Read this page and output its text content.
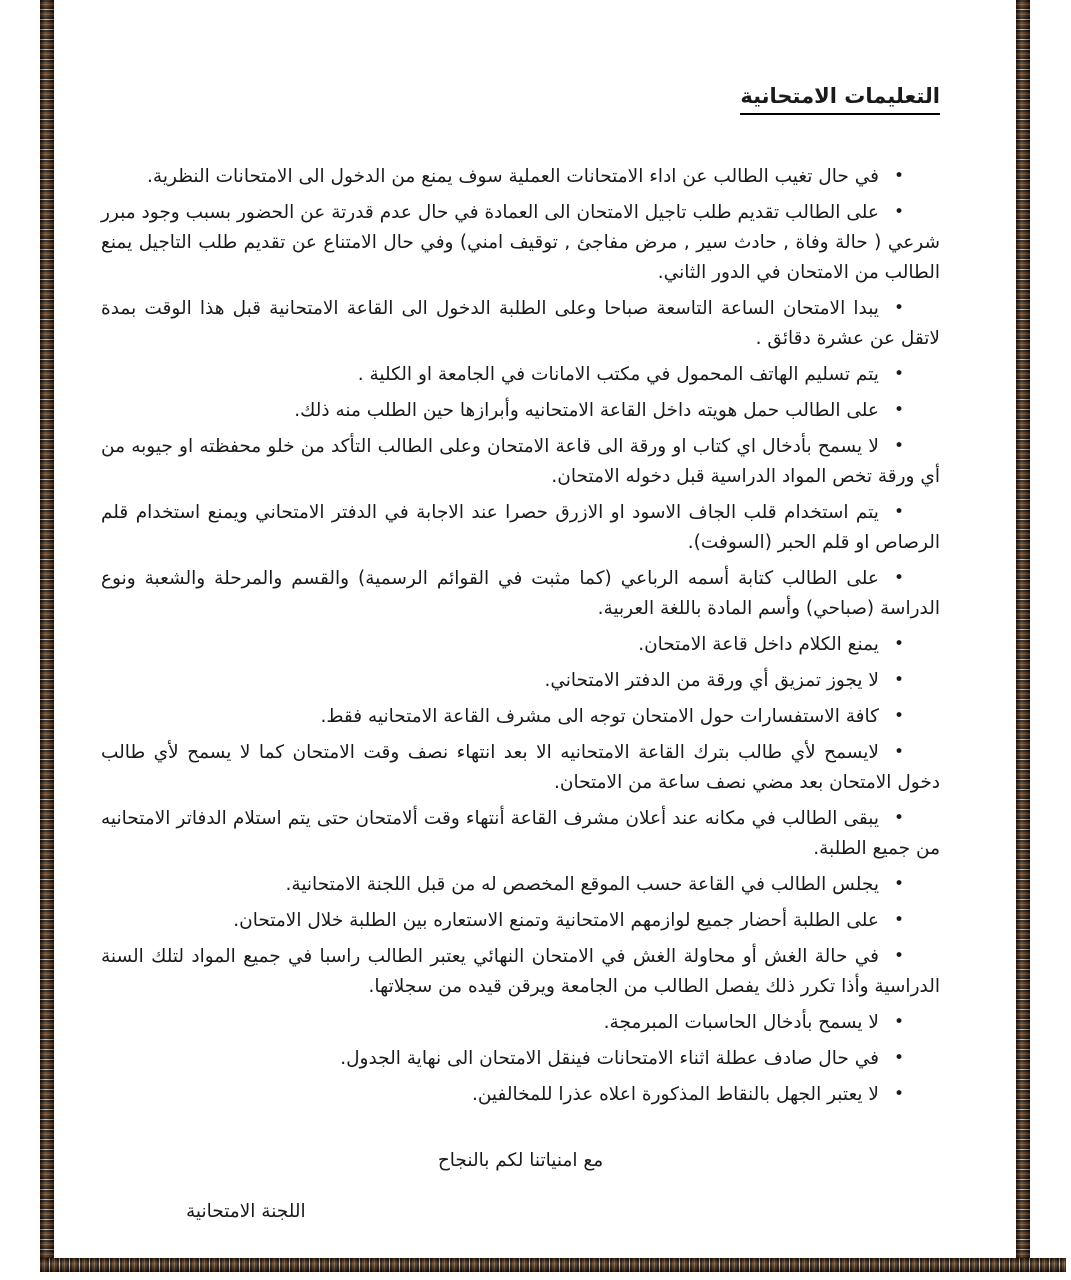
التعليمات الامتحانية
•في حال تغيب الطالب عن اداء الامتحانات العملية سوف يمنع من الدخول الى الامتحانات النظرية.
•على الطالب تقديم طلب تاجيل الامتحان الى العمادة في حال عدم قدرتة عن الحضور بسبب وجود مبرر شرعي ( حالة وفاة , حادث سير , مرض مفاجئ , توقيف امني) وفي حال الامتناع عن تقديم طلب التاجيل يمنع الطالب من الامتحان في الدور الثاني.
•يبدا الامتحان الساعة التاسعة صباحا وعلى الطلبة الدخول الى القاعة الامتحانية قبل هذا الوقت بمدة لاتقل عن عشرة دقائق .
•يتم تسليم الهاتف المحمول في مكتب الامانات في الجامعة او الكلية .
•على الطالب حمل هويته داخل القاعة الامتحانيه وأبرازها حين الطلب منه ذلك.
•لا يسمح بأدخال اي كتاب او ورقة الى قاعة الامتحان وعلى الطالب التأكد من خلو محفظته او جيوبه من أي ورقة تخص المواد الدراسية قبل دخوله الامتحان.
•يتم استخدام قلب الجاف الاسود او الازرق حصرا عند الاجابة في الدفتر الامتحاني ويمنع استخدام قلم الرصاص او قلم الحبر (السوفت).
•على الطالب كتابة أسمه الرباعي (كما مثبت في القوائم الرسمية) والقسم والمرحلة والشعبة ونوع الدراسة (صباحي) وأسم المادة باللغة العربية.
•يمنع الكلام داخل قاعة الامتحان.
•لا يجوز تمزيق أي ورقة من الدفتر الامتحاني.
•كافة الاستفسارات حول الامتحان توجه الى مشرف القاعة الامتحانيه فقط.
•لايسمح لأي طالب بترك القاعة الامتحانيه الا بعد انتهاء نصف وقت الامتحان كما لا يسمح لأي طالب دخول الامتحان بعد مضي نصف ساعة من الامتحان.
•يبقى الطالب في مكانه عند أعلان مشرف القاعة أنتهاء وقت ألامتحان حتى يتم استلام الدفاتر الامتحانيه من جميع الطلبة.
•يجلس الطالب في القاعة حسب الموقع المخصص له من قبل اللجنة الامتحانية.
•على الطلبة أحضار جميع لوازمهم الامتحانية وتمنع الاستعاره بين الطلبة خلال الامتحان.
•في حالة الغش أو محاولة الغش في الامتحان النهائي يعتبر الطالب راسبا في جميع المواد لتلك السنة الدراسية وأذا تكرر ذلك يفصل الطالب من الجامعة ويرقن قيده من سجلاتها.
•لا يسمح بأدخال الحاسبات المبرمجة.
•في حال صادف عطلة اثناء الامتحانات فينقل الامتحان الى نهاية الجدول.
•لا يعتبر الجهل بالنقاط المذكورة اعلاه عذرا للمخالفين.
مع امنياتنا لكم بالنجاح
اللجنة الامتحانية
